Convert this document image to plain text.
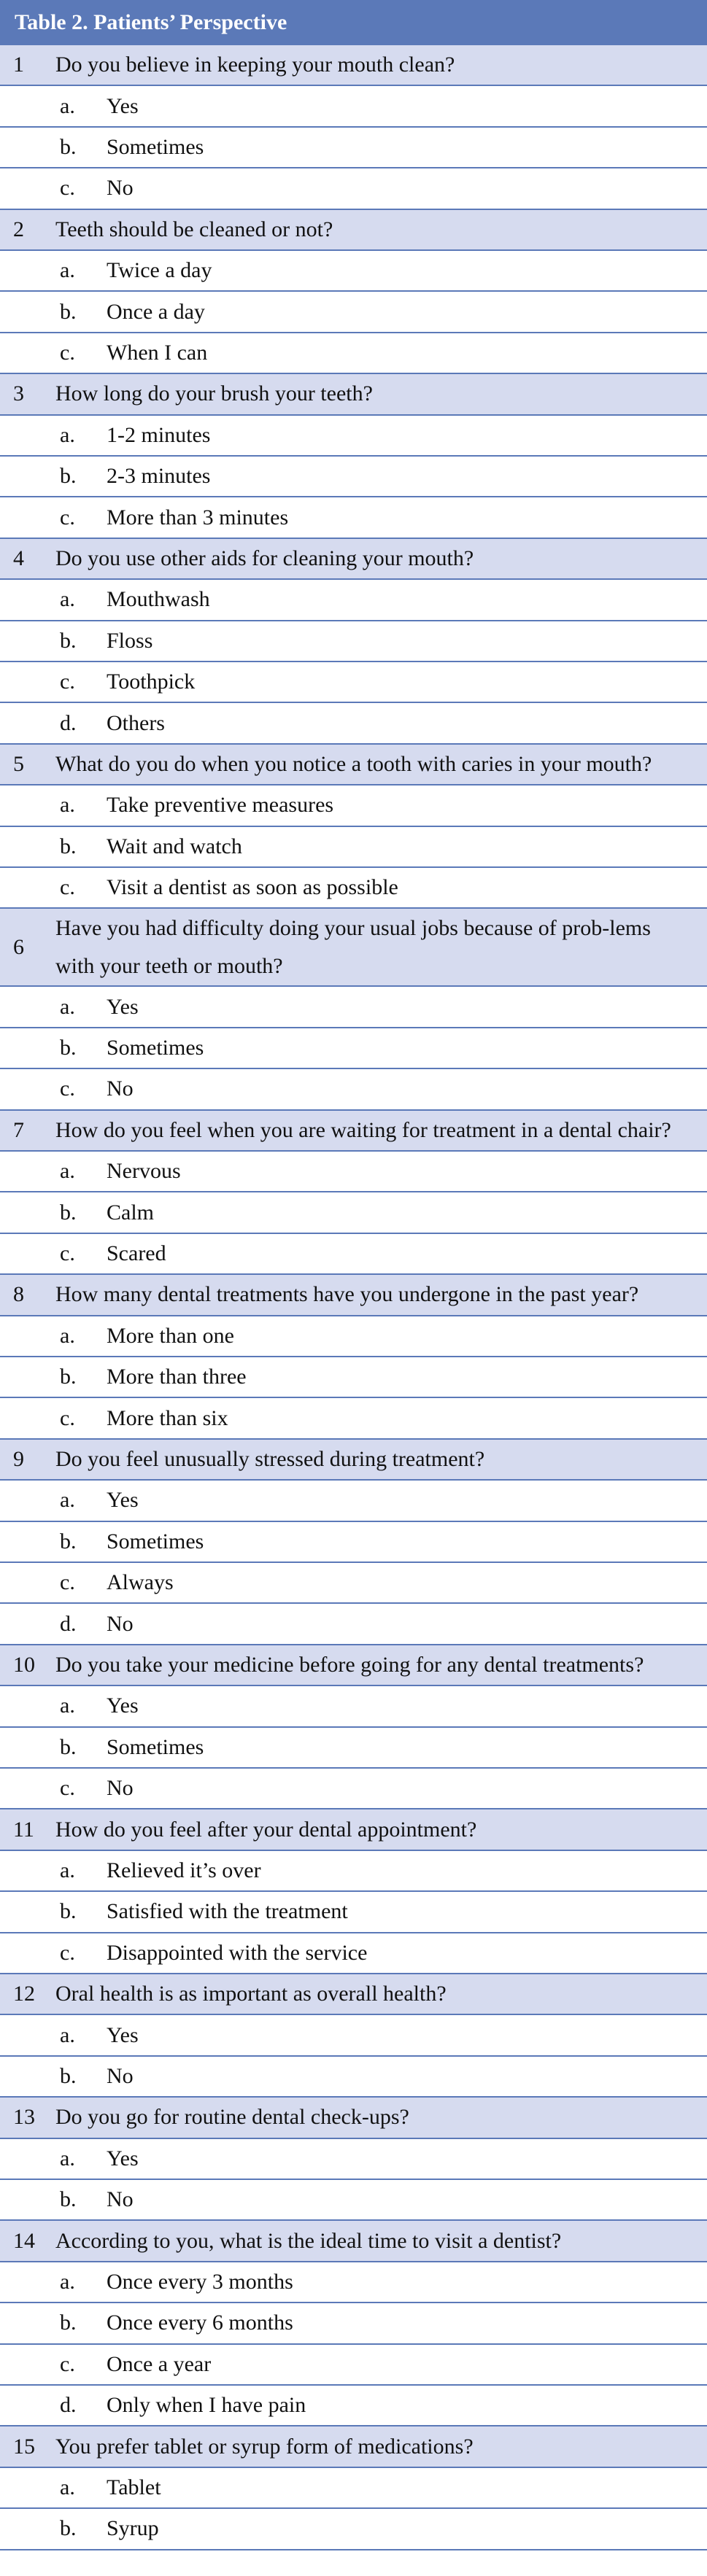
Table 2. Patients’ Perspective
1 Do you believe in keeping your mouth clean?
a. Yes
b. Sometimes
c. No
2 Teeth should be cleaned or not?
a. Twice a day
b. Once a day
c. When I can
3 How long do your brush your teeth?
a. 1-2 minutes
b. 2-3 minutes
c. More than 3 minutes
4 Do you use other aids for cleaning your mouth?
a. Mouthwash
b. Floss
c. Toothpick
d. Others
5 What do you do when you notice a tooth with caries in your mouth?
a. Take preventive measures
b. Wait and watch
c. Visit a dentist as soon as possible
6
Have you had difficulty doing your usual jobs because of prob-lems with your teeth or mouth?
a. Yes
b. Sometimes
c. No
7 How do you feel when you are waiting for treatment in a dental chair?
a. Nervous
b. Calm
c. Scared
8 How many dental treatments have you undergone in the past year?
a. More than one
b. More than three
c. More than six
9 Do you feel unusually stressed during treatment?
a. Yes
b. Sometimes
c. Always
d. No
10 Do you take your medicine before going for any dental treatments?
a. Yes
b. Sometimes
c. No
11 How do you feel after your dental appointment?
a. Relieved it’s over
b. Satisfied with the treatment
c. Disappointed with the service
12 Oral health is as important as overall health?
a. Yes
b. No
13 Do you go for routine dental check-ups?
a. Yes
b. No
14 According to you, what is the ideal time to visit a dentist?
a. Once every 3 months
b. Once every 6 months
c. Once a year
d. Only when I have pain
15 You prefer tablet or syrup form of medications?
a. Tablet
b. Syrup
